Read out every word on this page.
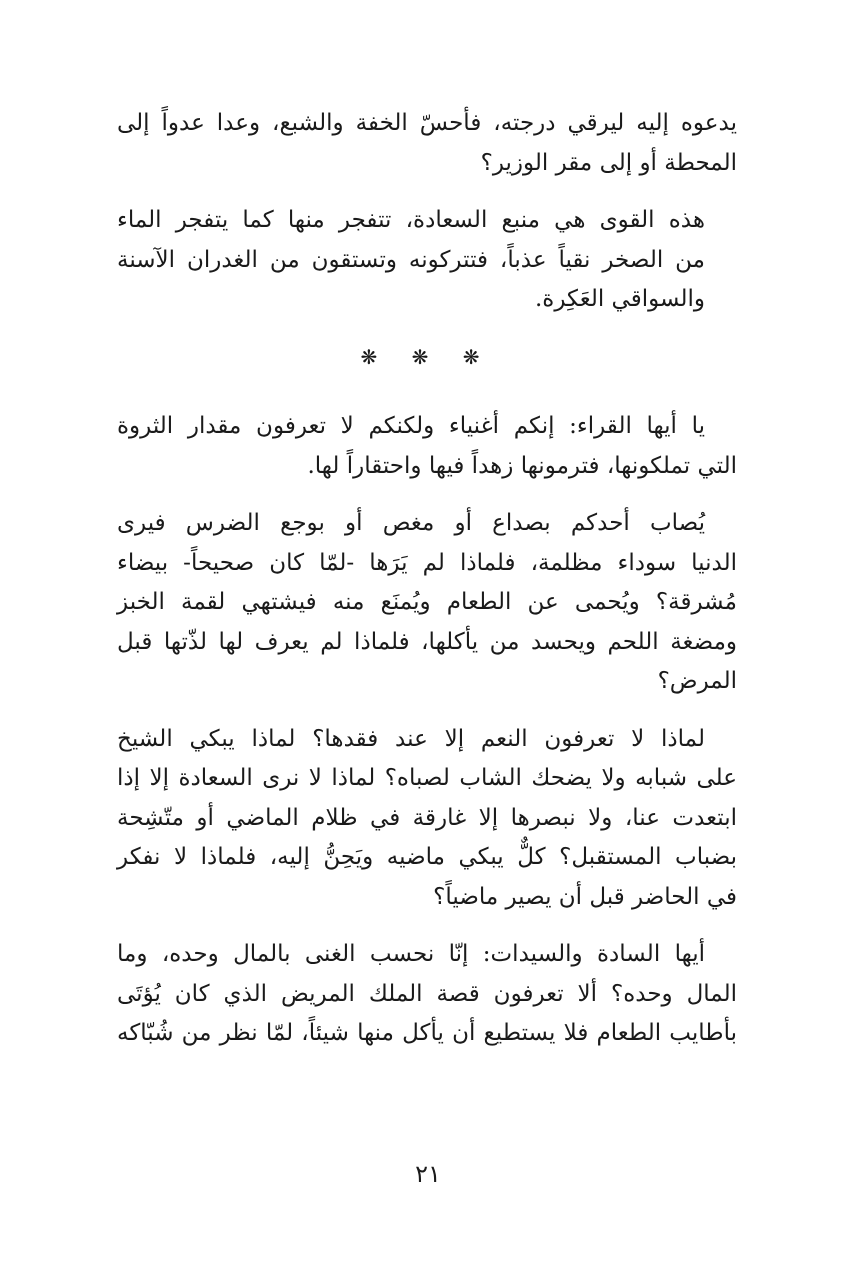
يدعوه إليه ليرقي درجته، فأحسّ الخفة والشبع، وعدا عدواً إلى
المحطة أو إلى مقر الوزير؟

هذه القوى هي منبع السعادة، تتفجر منها كما يتفجر الماء
من الصخر نقياً عذباً، فتتركونه وتستقون من الغدران الآسنة
والسواقي العَكِرة.

❋ ❋ ❋

يا أيها القراء: إنكم أغنياء ولكنكم لا تعرفون مقدار الثروة
التي تملكونها، فترمونها زهداً فيها واحتقاراً لها.

يُصاب أحدكم بصداع أو مغص أو بوجع الضرس فيرى
الدنيا سوداء مظلمة، فلماذا لم يَرَها -لمّا كان صحيحاً- بيضاء
مُشرقة؟ ويُحمى عن الطعام ويُمنَع منه فيشتهي لقمة الخبز
ومضغة اللحم ويحسد من يأكلها، فلماذا لم يعرف لها لذّتها قبل
المرض؟

لماذا لا تعرفون النعم إلا عند فقدها؟ لماذا يبكي الشيخ
على شبابه ولا يضحك الشاب لصباه؟ لماذا لا نرى السعادة إلا إذا
ابتعدت عنا، ولا نبصرها إلا غارقة في ظلام الماضي أو متّشِحة
بضباب المستقبل؟ كلٌّ يبكي ماضيه ويَحِنُّ إليه، فلماذا لا نفكر
في الحاضر قبل أن يصير ماضياً؟

أيها السادة والسيدات: إنّا نحسب الغنى بالمال وحده، وما
المال وحده؟ ألا تعرفون قصة الملك المريض الذي كان يُؤتَى
بأطايب الطعام فلا يستطيع أن يأكل منها شيئاً، لمّا نظر من شُبّاكه

٢١
